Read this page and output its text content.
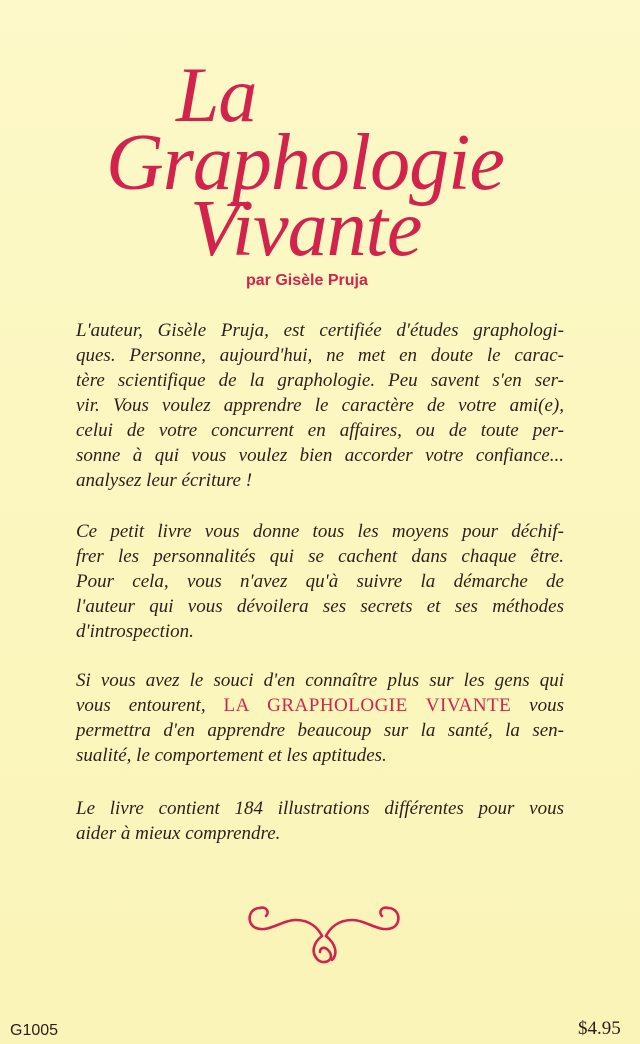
La
Graphologie
Vivante
par Gisèle Pruja

L'auteur, Gisèle Pruja, est certifiée d'études graphologi-
ques. Personne, aujourd'hui, ne met en doute le carac-
tère scientifique de la graphologie. Peu savent s'en ser-
vir. Vous voulez apprendre le caractère de votre ami(e),
celui de votre concurrent en affaires, ou de toute per-
sonne à qui vous voulez bien accorder votre confiance...
analysez leur écriture !

Ce petit livre vous donne tous les moyens pour déchif-
frer les personnalités qui se cachent dans chaque être.
Pour cela, vous n'avez qu'à suivre la démarche de
l'auteur qui vous dévoilera ses secrets et ses méthodes
d'introspection.

Si vous avez le souci d'en connaître plus sur les gens qui
vous entourent, LA GRAPHOLOGIE VIVANTE vous
permettra d'en apprendre beaucoup sur la santé, la sen-
sualité, le comportement et les aptitudes.

Le livre contient 184 illustrations différentes pour vous
aider à mieux comprendre.

G1005	$4.95
